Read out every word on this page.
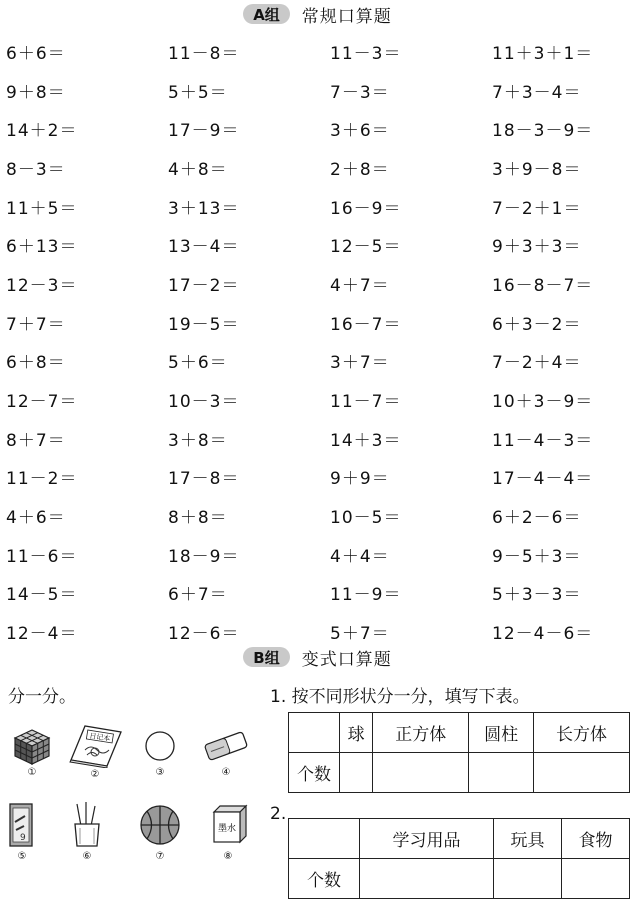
A组	常规口算题
6＋6＝	11－8＝	11－3＝	11＋3＋1＝
9＋8＝	5＋5＝	7－3＝	7＋3－4＝
14＋2＝	17－9＝	3＋6＝	18－3－9＝
8－3＝	4＋8＝	2＋8＝	3＋9－8＝
11＋5＝	3＋13＝	16－9＝	7－2＋1＝
6＋13＝	13－4＝	12－5＝	9＋3＋3＝
12－3＝	17－2＝	4＋7＝	16－8－7＝
7＋7＝	19－5＝	16－7＝	6＋3－2＝
6＋8＝	5＋6＝	3＋7＝	7－2＋4＝
12－7＝	10－3＝	11－7＝	10＋3－9＝
8＋7＝	3＋8＝	14＋3＝	11－4－3＝
11－2＝	17－8＝	9＋9＝	17－4－4＝
4＋6＝	8＋8＝	10－5＝	6＋2－6＝
11－6＝	18－9＝	4＋4＝	9－5＋3＝
14－5＝	6＋7＝	11－9＝	5＋3－3＝
12－4＝	12－6＝	5＋7＝	12－4－6＝
B组	变式口算题
分一分。
①
日记本
②	③	④
9
⑤	⑥	⑦
墨水
⑧
1. 按不同形状分一分，填写下表。
	球	正方体	圆柱	长方体
个数				
2.
	学习用品	玩具	食物
个数			
